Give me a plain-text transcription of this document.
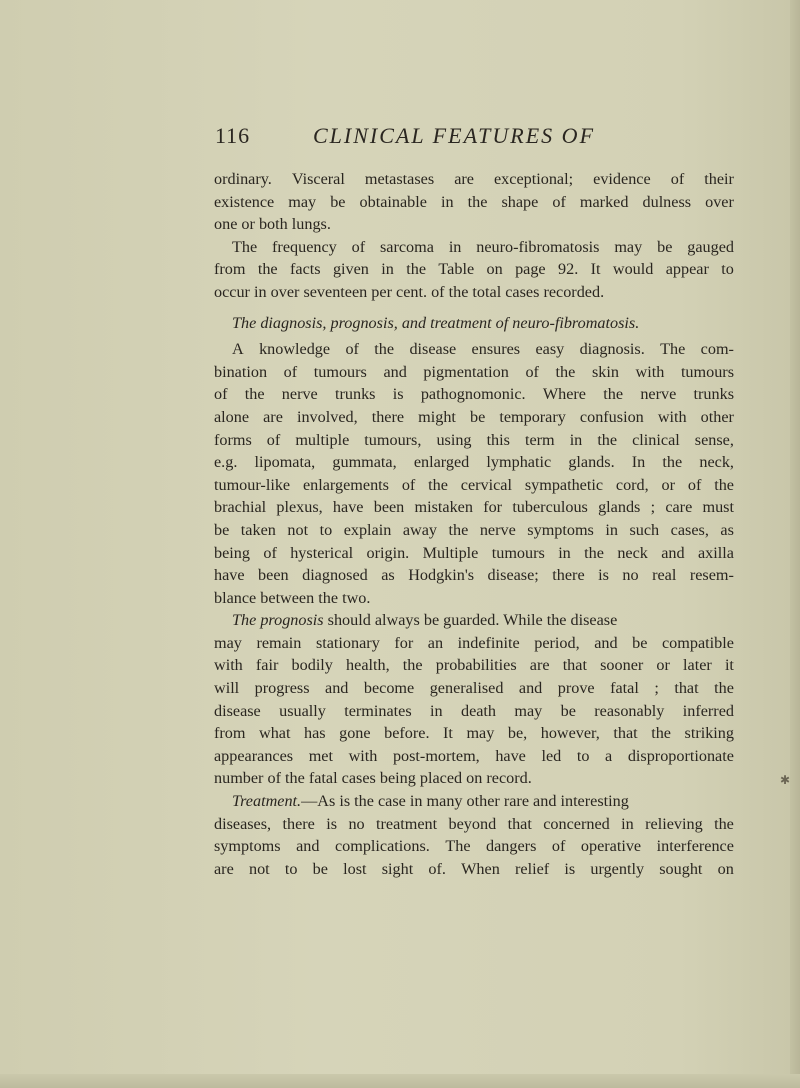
116	CLINICAL FEATURES OF
ordinary. Visceral metastases are exceptional; evidence of their
existence may be obtainable in the shape of marked dulness over
one or both lungs.
The frequency of sarcoma in neuro-fibromatosis may be gauged
from the facts given in the Table on page 92. It would appear to
occur in over seventeen per cent. of the total cases recorded.
The diagnosis, prognosis, and treatment of neuro-fibromatosis.
A knowledge of the disease ensures easy diagnosis. The com-
bination of tumours and pigmentation of the skin with tumours
of the nerve trunks is pathognomonic. Where the nerve trunks
alone are involved, there might be temporary confusion with other
forms of multiple tumours, using this term in the clinical sense,
e.g. lipomata, gummata, enlarged lymphatic glands. In the neck,
tumour-like enlargements of the cervical sympathetic cord, or of the
brachial plexus, have been mistaken for tuberculous glands ; care must
be taken not to explain away the nerve symptoms in such cases, as
being of hysterical origin. Multiple tumours in the neck and axilla
have been diagnosed as Hodgkin's disease; there is no real resem-
blance between the two.
The prognosis should always be guarded. While the disease
may remain stationary for an indefinite period, and be compatible
with fair bodily health, the probabilities are that sooner or later it
will progress and become generalised and prove fatal ; that the
disease usually terminates in death may be reasonably inferred
from what has gone before. It may be, however, that the striking
appearances met with post-mortem, have led to a disproportionate
number of the fatal cases being placed on record.
Treatment. —As is the case in many other rare and interesting
diseases, there is no treatment beyond that concerned in relieving the
symptoms and complications. The dangers of operative interference
are not to be lost sight of. When relief is urgently sought on
✱
